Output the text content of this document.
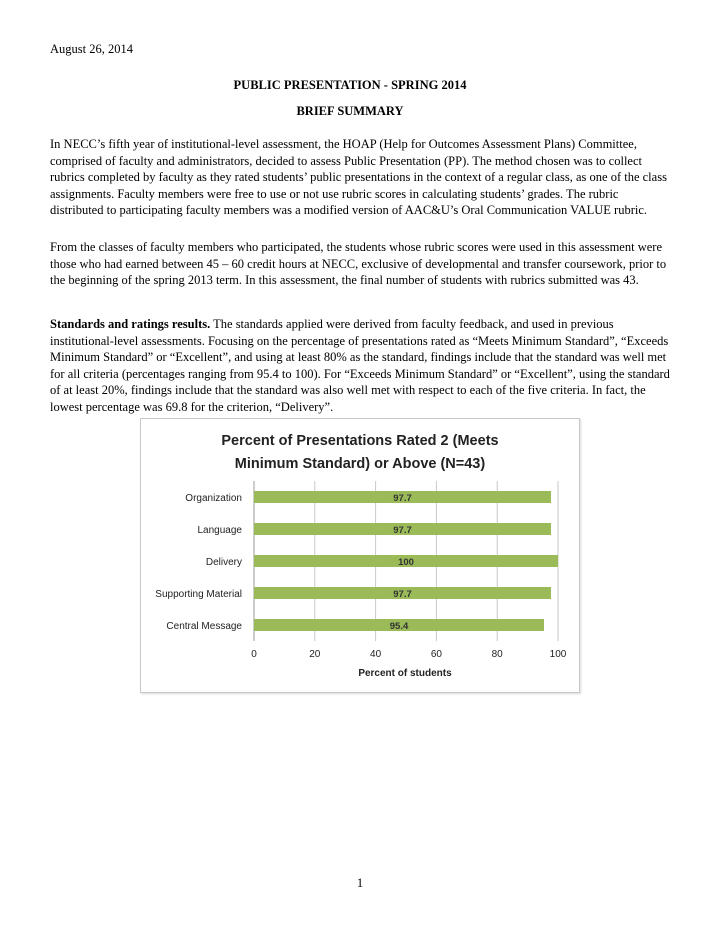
August 26, 2014
PUBLIC PRESENTATION - SPRING 2014
BRIEF SUMMARY

In NECC’s fifth year of institutional-level assessment, the HOAP (Help for Outcomes Assessment Plans) Committee, comprised of faculty and administrators, decided to assess Public Presentation (PP). The method chosen was to collect rubrics completed by faculty as they rated students’ public presentations in the context of a regular class, as one of the class assignments. Faculty members were free to use or not use rubric scores in calculating students’ grades. The rubric distributed to participating faculty members was a modified version of AAC&U’s Oral Communication VALUE rubric.

From the classes of faculty members who participated, the students whose rubric scores were used in this assessment were those who had earned between 45 – 60 credit hours at NECC, exclusive of developmental and transfer coursework, prior to the beginning of the spring 2013 term. In this assessment, the final number of students with rubrics submitted was 43.

Standards and ratings results. The standards applied were derived from faculty feedback, and used in previous institutional-level assessments. Focusing on the percentage of presentations rated as “Meets Minimum Standard”, “Exceeds Minimum Standard” or “Excellent”, and using at least 80% as the standard, findings include that the standard was well met for all criteria (percentages ranging from 95.4 to 100). For “Exceeds Minimum Standard” or “Excellent”, using the standard of at least 20%, findings include that the standard was also well met with respect to each of the five criteria. In fact, the lowest percentage was 69.8 for the criterion, “Delivery”.

Percent of Presentations Rated 2 (Meets
Minimum Standard) or Above (N=43)
97.7
97.7
100
97.7
95.4
Organization
Language
Delivery
Supporting Material
Central Message
0	20	40	60	80	100
Percent of students
1
